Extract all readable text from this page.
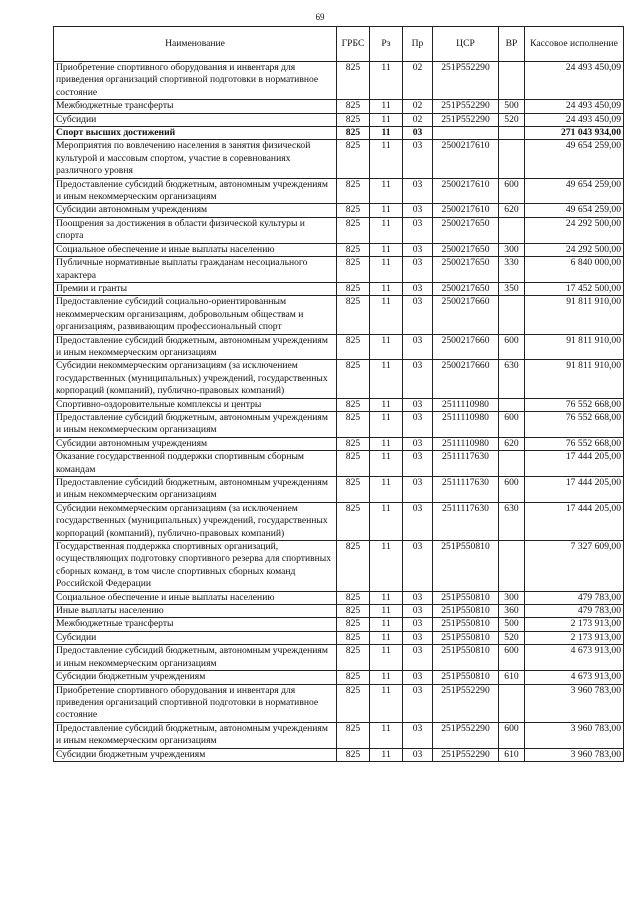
69
Наименование	ГРБС	Рз	Пр	ЦСР	ВР	Кассовое исполнение
Приобретение спортивного оборудования и инвентаря для приведения организаций спортивной подготовки в нормативное состояние	825	11	02	251P552290		24 493 450,09
Межбюджетные трансферты	825	11	02	251P552290	500	24 493 450,09
Субсидии	825	11	02	251P552290	520	24 493 450,09
Спорт высших достижений	825	11	03			271 043 934,00
Мероприятия по вовлечению населения в занятия физической культурой и массовым спортом, участие в соревнованиях различного уровня	825	11	03	2500217610		49 654 259,00
Предоставление субсидий бюджетным, автономным учреждениям и иным некоммерческим организациям	825	11	03	2500217610	600	49 654 259,00
Субсидии автономным учреждениям	825	11	03	2500217610	620	49 654 259,00
Поощрения за достижения в области физической культуры и спорта	825	11	03	2500217650		24 292 500,00
Социальное обеспечение и иные выплаты населению	825	11	03	2500217650	300	24 292 500,00
Публичные нормативные выплаты гражданам несоциального характера	825	11	03	2500217650	330	6 840 000,00
Премии и гранты	825	11	03	2500217650	350	17 452 500,00
Предоставление субсидий социально-ориентированным некоммерческим организациям, добровольным обществам и организациям, развивающим профессиональный спорт	825	11	03	2500217660		91 811 910,00
Предоставление субсидий бюджетным, автономным учреждениям и иным некоммерческим организациям	825	11	03	2500217660	600	91 811 910,00
Субсидии некоммерческим организациям (за исключением государственных (муниципальных) учреждений, государственных корпораций (компаний), публично-правовых компаний)	825	11	03	2500217660	630	91 811 910,00
Спортивно-оздоровительные комплексы и центры	825	11	03	2511110980		76 552 668,00
Предоставление субсидий бюджетным, автономным учреждениям и иным некоммерческим организациям	825	11	03	2511110980	600	76 552 668,00
Субсидии автономным учреждениям	825	11	03	2511110980	620	76 552 668,00
Оказание государственной поддержки спортивным сборным командам	825	11	03	2511117630		17 444 205,00
Предоставление субсидий бюджетным, автономным учреждениям и иным некоммерческим организациям	825	11	03	2511117630	600	17 444 205,00
Субсидии некоммерческим организациям (за исключением государственных (муниципальных) учреждений, государственных корпораций (компаний), публично-правовых компаний)	825	11	03	2511117630	630	17 444 205,00
Государственная поддержка спортивных организаций, осуществляющих подготовку спортивного резерва для спортивных сборных команд, в том числе спортивных сборных команд Российской Федерации	825	11	03	251P550810		7 327 609,00
Социальное обеспечение и иные выплаты населению	825	11	03	251P550810	300	479 783,00
Иные выплаты населению	825	11	03	251P550810	360	479 783,00
Межбюджетные трансферты	825	11	03	251P550810	500	2 173 913,00
Субсидии	825	11	03	251P550810	520	2 173 913,00
Предоставление субсидий бюджетным, автономным учреждениям и иным некоммерческим организациям	825	11	03	251P550810	600	4 673 913,00
Субсидии бюджетным учреждениям	825	11	03	251P550810	610	4 673 913,00
Приобретение спортивного оборудования и инвентаря для приведения организаций спортивной подготовки в нормативное состояние	825	11	03	251P552290		3 960 783,00
Предоставление субсидий бюджетным, автономным учреждениям и иным некоммерческим организациям	825	11	03	251P552290	600	3 960 783,00
Субсидии бюджетным учреждениям	825	11	03	251P552290	610	3 960 783,00
